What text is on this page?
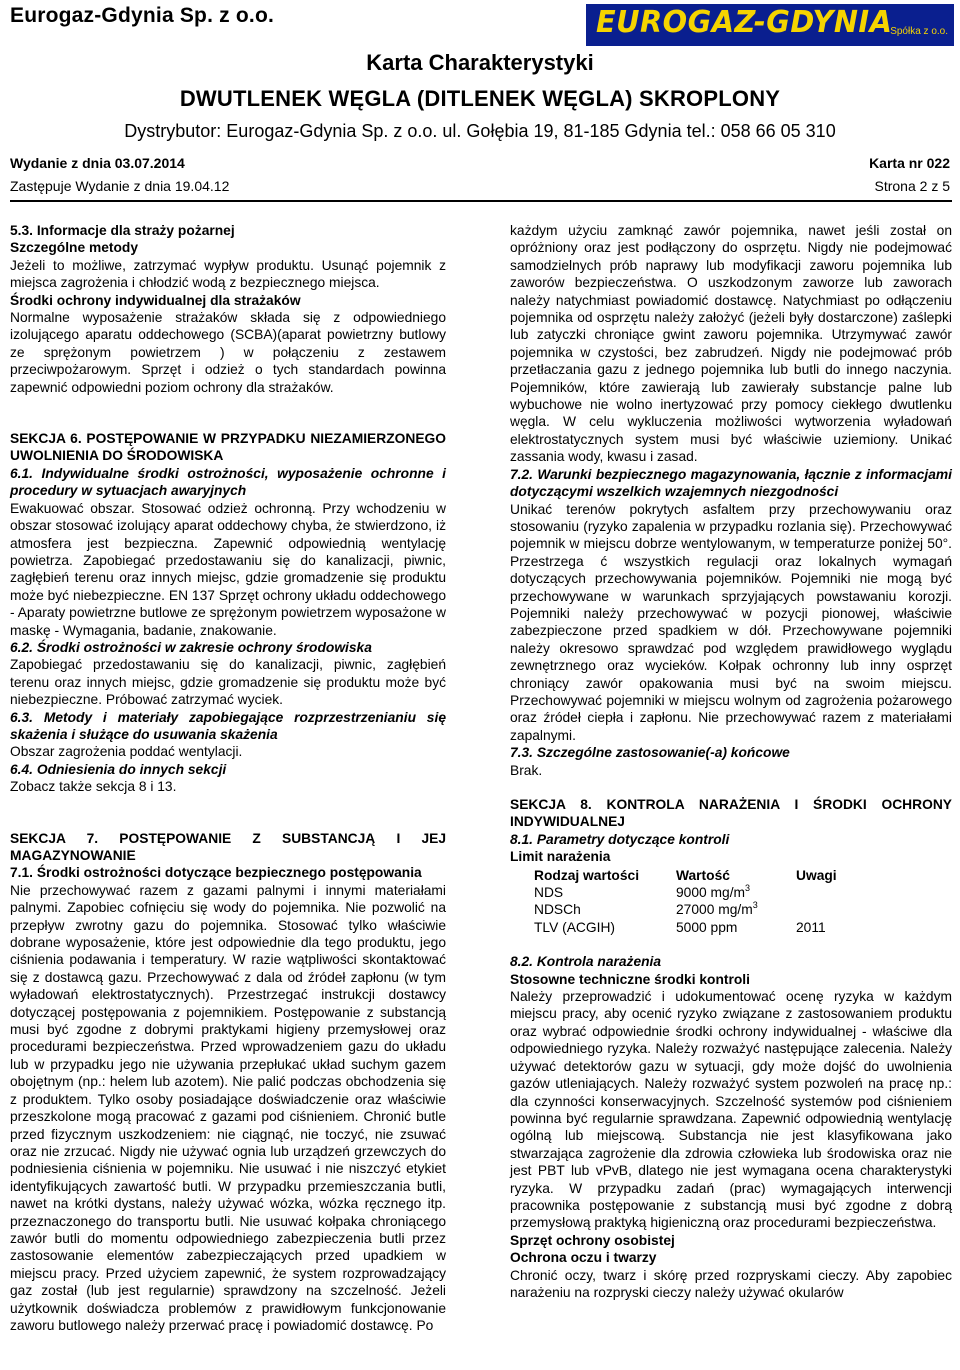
Eurogaz-Gdynia Sp. z o.o.	EUROGAZ-GDYNIA
Spółka z o.o.
Karta Charakterystyki
DWUTLENEK WĘGLA (DITLENEK WĘGLA) SKROPLONY
Dystrybutor: Eurogaz-Gdynia Sp. z o.o. ul. Gołębia 19, 81-185 Gdynia tel.: 058 66 05 310
Wydanie z dnia 03.07.2014	Karta nr 022
Zastępuje Wydanie z dnia 19.04.12	Strona 2 z 5

5.3. Informacje dla straży pożarnej

Szczególne metody

Jeżeli to możliwe, zatrzymać wypływ produktu. Usunąć pojemnik z miejsca zagrożenia i chłodzić wodą z bezpiecznego miejsca.

Środki ochrony indywidualnej dla strażaków

Normalne wyposażenie strażaków składa się z odpowiedniego izolującego aparatu oddechowego (SCBA)(aparat powietrzny butlowy ze sprężonym powietrzem ) w połączeniu z zestawem przeciwpożarowym. Sprzęt i odzież o tych standardach powinna zapewnić odpowiedni poziom ochrony dla strażaków.

SEKCJA 6. POSTĘPOWANIE W PRZYPADKU NIEZAMIERZONEGO UWOLNIENIA DO ŚRODOWISKA

6.1. Indywidualne środki ostrożności, wyposażenie ochronne i procedury w sytuacjach awaryjnych

Ewakuować obszar. Stosować odzież ochronną. Przy wchodzeniu w obszar stosować izolujący aparat oddechowy chyba, że stwierdzono, iż atmosfera jest bezpieczna. Zapewnić odpowiednią wentylację powietrza. Zapobiegać przedostawaniu się do kanalizacji, piwnic, zagłębień terenu oraz innych miejsc, gdzie gromadzenie się produktu może być niebezpieczne. EN 137 Sprzęt ochrony układu oddechowego - Aparaty powietrzne butlowe ze sprężonym powietrzem wyposażone w maskę - Wymagania, badanie, znakowanie.

6.2. Środki ostrożności w zakresie ochrony środowiska

Zapobiegać przedostawaniu się do kanalizacji, piwnic, zagłębień terenu oraz innych miejsc, gdzie gromadzenie się produktu może być niebezpieczne. Próbować zatrzymać wyciek.

6.3. Metody i materiały zapobiegające rozprzestrzenianiu się skażenia i służące do usuwania skażenia

Obszar zagrożenia poddać wentylacji.

6.4. Odniesienia do innych sekcji

Zobacz także sekcja 8 i 13.

SEKCJA 7. POSTĘPOWANIE Z SUBSTANCJĄ I JEJ MAGAZYNOWANIE

7.1. Środki ostrożności dotyczące bezpiecznego postępowania

Nie przechowywać razem z gazami palnymi i innymi materiałami palnymi. Zapobiec cofnięciu się wody do pojemnika. Nie pozwolić na przepływ zwrotny gazu do pojemnika. Stosować tylko właściwie dobrane wyposażenie, które jest odpowiednie dla tego produktu, jego ciśnienia podawania i temperatury. W razie wątpliwości skontaktować się z dostawcą gazu. Przechowywać z dala od źródeł zapłonu (w tym wyładowań elektrostatycznych). Przestrzegać instrukcji dostawcy dotyczącej postępowania z pojemnikiem. Postępowanie z substancją musi być zgodne z dobrymi praktykami higieny przemysłowej oraz procedurami bezpieczeństwa. Przed wprowadzeniem gazu do układu lub w przypadku jego nie używania przepłukać układ suchym gazem obojętnym (np.: helem lub azotem). Nie palić podczas obchodzenia się z produktem. Tylko osoby posiadające doświadczenie oraz właściwie przeszkolone mogą pracować z gazami pod ciśnieniem. Chronić butle przed fizycznym uszkodzeniem: nie ciągnąć, nie toczyć, nie zsuwać oraz nie zrzucać. Nigdy nie używać ognia lub urządzeń grzewczych do podniesienia ciśnienia w pojemniku. Nie usuwać i nie niszczyć etykiet identyfikujących zawartość butli. W przypadku przemieszczania butli, nawet na krótki dystans, należy używać wózka, wózka ręcznego itp. przeznaczonego do transportu butli. Nie usuwać kołpaka chroniącego zawór butli do momentu odpowiedniego zabezpieczenia butli przez zastosowanie elementów zabezpieczających przed upadkiem w miejscu pracy. Przed użyciem zapewnić, że system rozprowadzający gaz został (lub jest regularnie) sprawdzony na szczelność. Jeżeli użytkownik doświadcza problemów z prawidłowym funkcjonowanie zaworu butlowego należy przerwać pracę i powiadomić dostawcę. Po

każdym użyciu zamknąć zawór pojemnika, nawet jeśli został on opróżniony oraz jest podłączony do osprzętu. Nigdy nie podejmować samodzielnych prób naprawy lub modyfikacji zaworu pojemnika lub zaworów bezpieczeństwa. O uszkodzonym zaworze lub zaworach należy natychmiast powiadomić dostawcę. Natychmiast po odłączeniu pojemnika od osprzętu należy założyć (jeżeli były dostarczone) zaślepki lub zatyczki chroniące gwint zaworu pojemnika. Utrzymywać zawór pojemnika w czystości, bez zabrudzeń. Nigdy nie podejmować prób przetłaczania gazu z jednego pojemnika lub butli do innego naczynia. Pojemników, które zawierają lub zawierały substancje palne lub wybuchowe nie wolno inertyzować przy pomocy ciekłego dwutlenku węgla. W celu wykluczenia możliwości wytworzenia wyładowań elektrostatycznych system musi być właściwie uziemiony. Unikać zassania wody, kwasu i zasad.

7.2. Warunki bezpiecznego magazynowania, łącznie z informacjami dotyczącymi wszelkich wzajemnych niezgodności

Unikać terenów pokrytych asfaltem przy przechowywaniu oraz stosowaniu (ryzyko zapalenia w przypadku rozlania się). Przechowywać pojemnik w miejscu dobrze wentylowanym, w temperaturze poniżej 50°. Przestrzega ć wszystkich regulacji oraz lokalnych wymagań dotyczących przechowywania pojemników. Pojemniki nie mogą być przechowywane w warunkach sprzyjających powstawaniu korozji. Pojemniki należy przechowywać w pozycji pionowej, właściwie zabezpieczone przed spadkiem w dół. Przechowywane pojemniki należy okresowo sprawdzać pod względem prawidłowego wyglądu zewnętrznego oraz wycieków. Kołpak ochronny lub inny osprzęt chroniący zawór opakowania musi być na swoim miejscu. Przechowywać pojemniki w miejscu wolnym od zagrożenia pożarowego oraz źródeł ciepła i zapłonu. Nie przechowywać razem z materiałami zapalnymi.

7.3. Szczególne zastosowanie(-a) końcowe

Brak.

SEKCJA 8. KONTROLA NARAŻENIA I ŚRODKI OCHRONY INDYWIDUALNEJ

8.1. Parametry dotyczące kontroli

Limit narażenia

Rodzaj wartości	Wartość	Uwagi
NDS	9000 $mg/m^3$	
NDSCh	27000 $mg/m^3$	
TLV (ACGIH)	5000 ppm	2011

8.2. Kontrola narażenia

Stosowne techniczne środki kontroli

Należy przeprowadzić i udokumentować ocenę ryzyka w każdym miejscu pracy, aby ocenić ryzyko związane z zastosowaniem produktu oraz wybrać odpowiednie środki ochrony indywidualnej - właściwe dla odpowiedniego ryzyka. Należy rozważyć następujące zalecenia. Należy używać detektorów gazu w sytuacji, gdy może dojść do uwolnienia gazów utleniających. Należy rozważyć system pozwoleń na pracę np.: dla czynności konserwacyjnych. Szczelność systemów pod ciśnieniem powinna być regularnie sprawdzana. Zapewnić odpowiednią wentylację ogólną lub miejscową. Substancja nie jest klasyfikowana jako stwarzająca zagrożenie dla zdrowia człowieka lub środowiska oraz nie jest PBT lub vPvB, dlatego nie jest wymagana ocena charakterystyki ryzyka. W przypadku zadań (prac) wymagających interwencji pracownika postępowanie z substancją musi być zgodne z dobrą przemysłową praktyką higieniczną oraz procedurami bezpieczeństwa.

Sprzęt ochrony osobistej

Ochrona oczu i twarzy

Chronić oczy, twarz i skórę przed rozpryskami cieczy. Aby zapobiec narażeniu na rozpryski cieczy należy używać okularów
